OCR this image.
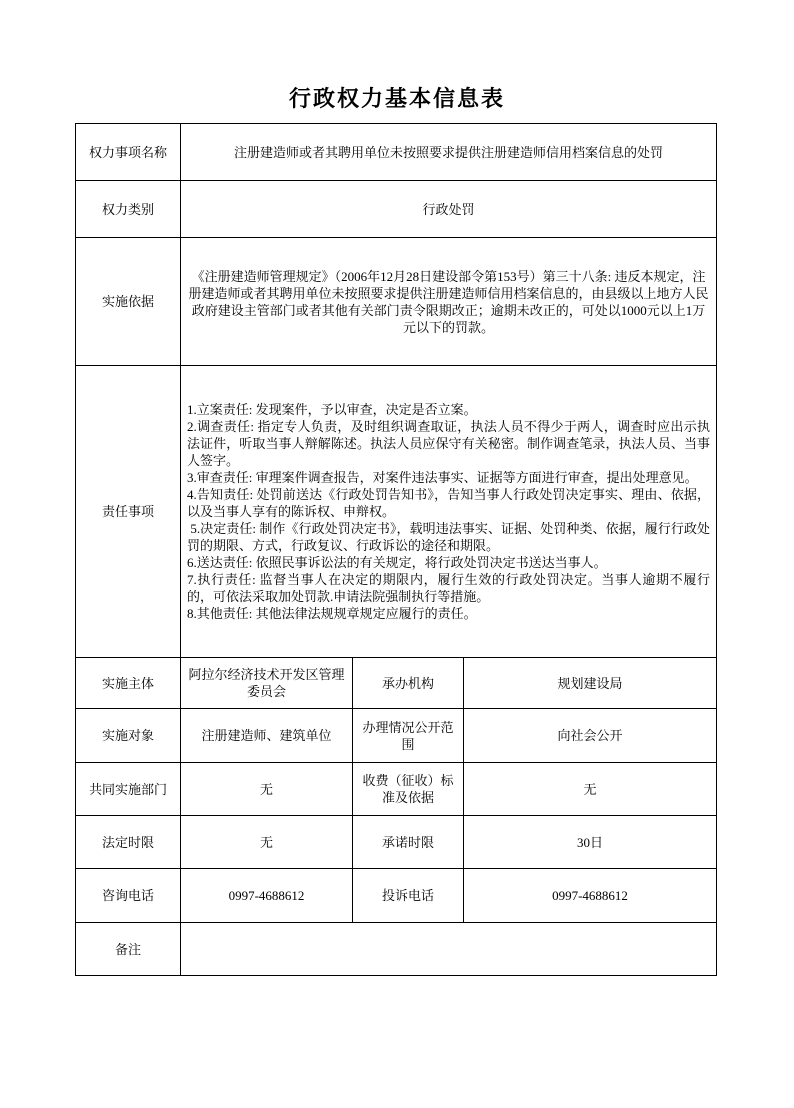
行政权力基本信息表
权力事项名称	注册建造师或者其聘用单位未按照要求提供注册建造师信用档案信息的处罚		
权力类别	行政处罚		
实施依据	《注册建造师管理规定》（2006年12月28日建设部令第153号）第三十八条: 违反本规定，注册建造师或者其聘用单位未按照要求提供注册建造师信用档案信息的，由县级以上地方人民政府建设主管部门或者其他有关部门责令限期改正；逾期未改正的，可处以1000元以上1万元以下的罚款。		
责任事项	
1.立案责任: 发现案件，予以审查，决定是否立案。
2.调查责任: 指定专人负责，及时组织调查取证，执法人员不得少于两人，调查时应出示执法证件，听取当事人辩解陈述。执法人员应保守有关秘密。制作调查笔录，执法人员、当事人签字。
3.审查责任: 审理案件调查报告，对案件违法事实、证据等方面进行审查，提出处理意见。
4.告知责任: 处罚前送达《行政处罚告知书》，告知当事人行政处罚决定事实、理由、依据，以及当事人享有的陈诉权、申辩权。
5.决定责任: 制作《行政处罚决定书》，载明违法事实、证据、处罚种类、依据，履行行政处罚的期限、方式，行政复议、行政诉讼的途径和期限。
6.送达责任: 依照民事诉讼法的有关规定，将行政处罚决定书送达当事人。
7.执行责任: 监督当事人在决定的期限内，履行生效的行政处罚决定。当事人逾期不履行的，可依法采取加处罚款.申请法院强制执行等措施。
8.其他责任: 其他法律法规规章规定应履行的责任。

实施主体	阿拉尔经济技术开发区管理委员会	承办机构	规划建设局
实施对象	注册建造师、建筑单位	办理情况公开范围	向社会公开
共同实施部门	无	收费（征收）标准及依据	无
法定时限	无	承诺时限	30日
咨询电话	0997-4688612	投诉电话	0997-4688612
备注			
